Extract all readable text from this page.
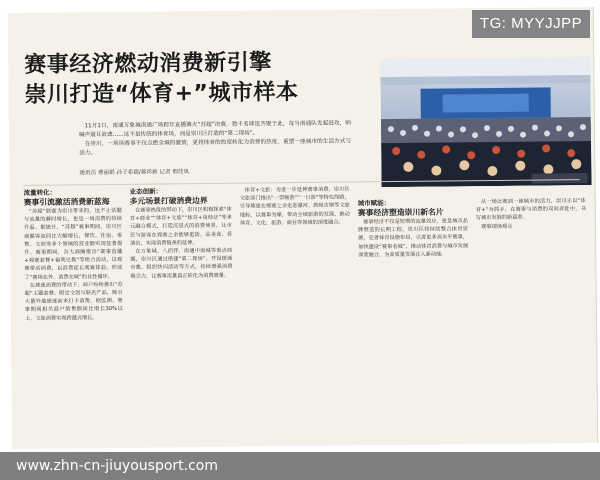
赛事经济燃动消费新引擎
崇川打造“体育+”城市样本

11月1日，南通万象城南通广场跨年直播篝火“苏超”决赛，数千名球迷齐聚于此，每当南通队发起进攻，呐喊声震耳欲聋……这不是传统的体育场，而是崇川区打造的“第二现场”。

在崇川，一场场赛事不仅点燃全城的激情，更将体育的热度转化为消费的热度，重塑一座城市的生活方式与活力。

通讯员 曹丽娟 孙子希郡/蒋祥新 记者 邢佳凤
流量转化：
赛事引流激活消费新蓝海

“苏超”联赛为崇川带来的，远不止话题与流量的瞬时增长，更是一场消费的持续升温。据统计，“苏超”赛事期间，崇川区商圈客流同比大幅增长，餐饮、住宿、零售、文创等多个领域的营业额实现显著提升。赛事期间，各大商圈推出“赛事直播+观赛套餐+福利兑换”等组合活动，以观赛带动消费，以消费延长观赛体验，形成了“赛场在外、消费在城”的良性循环。

在球迷消费的带动下，商户纷纷推出“苏超”主题套餐、限定文创与联名产品，吸引大量外地球迷前来打卡消费。据监测，赛事期间相关商户销售额同比增长30%以上，文旅消费实现跨越式增长。

业态创新：
多元场景打破消费边界

在赛事热度的带动下，崇川区积极探索“体育+商业”“体育+文旅”“体育+夜经济”等多元融合模式，打造沉浸式的消费场景，让市民与游客在观赛之余能够逛街、品美食、看演出，实现消费链条的延伸。

在万象城、八佰伴、南通中南城等重点商圈，崇川区通过搭建“第二现场”、开设球迷市集、组织快闪活动等方式，持续增强消费吸引力，让赛事流量真正转化为消费增量。

体育+文旅：为进一步延伸赛事消费，崇川区文旅部门推出“一票畅游”“一日游”等特色线路，引导球迷在观赛之余走进濠河、唐闸古镇等文旅地标，以赛事为媒，带动全域旅游的发展，推动体育、文化、旅游、商业等领域的深度融合。

城市赋能：
赛事经济塑造崇川新名片

赛事经济不仅是短期的流量效应，更是城市品牌塑造的长期工程。崇川区将持续整合体育资源，完善体育设施布局，引进更多高水平赛事，加快建设“赛事名城”，推动体育消费与城市发展深度融合，为高质量发展注入新动能。

从一场比赛到一座城市的活力，崇川正以“体育+”为抓手，在赛事与消费的双向奔赴中，书写城市发展的新篇章。

赛事现场观众

TG: MYYJJPP
www.zhn-cn-jiuyousport.com
